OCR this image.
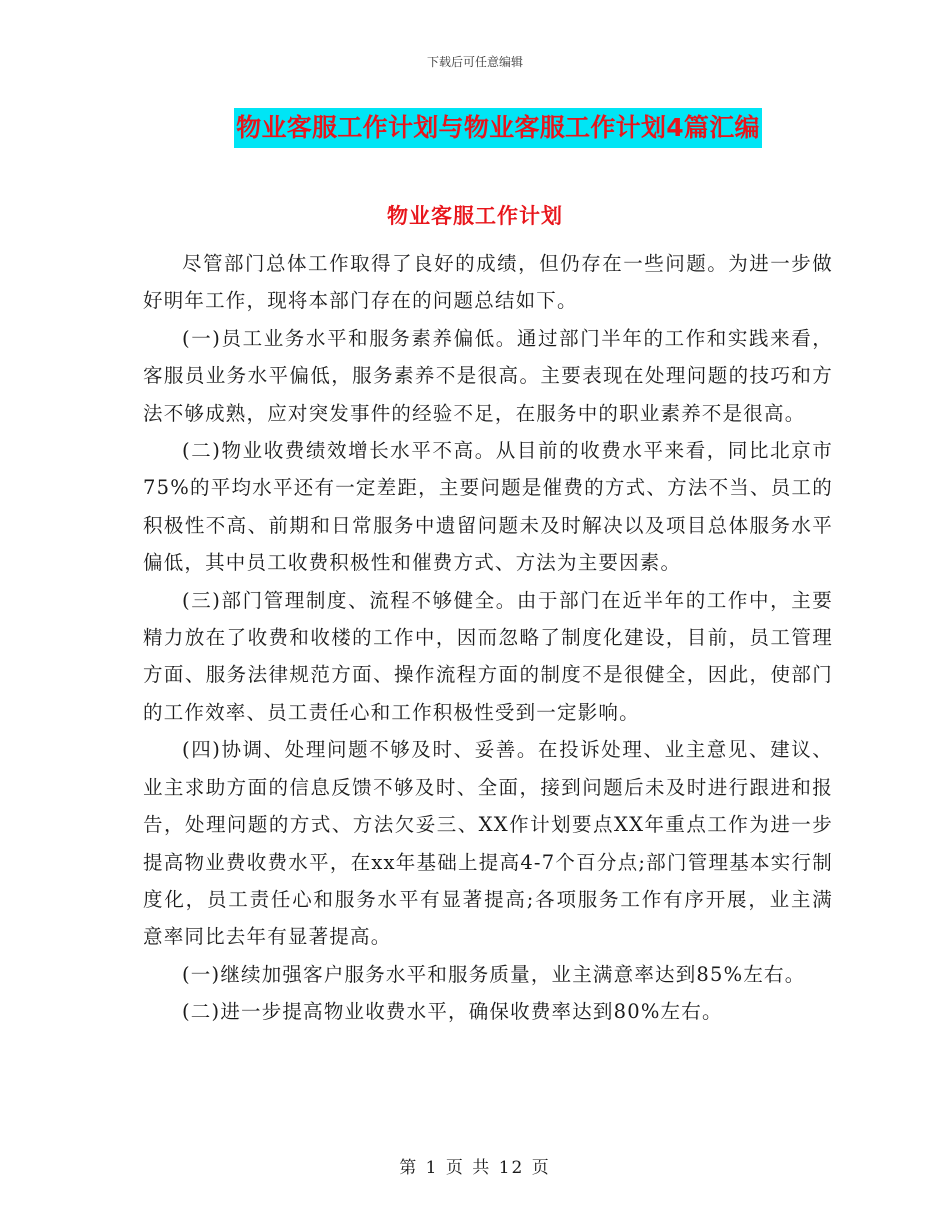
下载后可任意编辑
物业客服工作计划与物业客服工作计划4篇汇编
物业客服工作计划

尽管部门总体工作取得了良好的成绩，但仍存在一些问题。为进一步做好明年工作，现将本部门存在的问题总结如下。

(一)员工业务水平和服务素养偏低。通过部门半年的工作和实践来看，客服员业务水平偏低，服务素养不是很高。主要表现在处理问题的技巧和方法不够成熟，应对突发事件的经验不足，在服务中的职业素养不是很高。

(二)物业收费绩效增长水平不高。从目前的收费水平来看，同比北京市75%的平均水平还有一定差距，主要问题是催费的方式、方法不当、员工的积极性不高、前期和日常服务中遗留问题未及时解决以及项目总体服务水平偏低，其中员工收费积极性和催费方式、方法为主要因素。

(三)部门管理制度、流程不够健全。由于部门在近半年的工作中，主要精力放在了收费和收楼的工作中，因而忽略了制度化建设，目前，员工管理方面、服务法律规范方面、操作流程方面的制度不是很健全，因此，使部门的工作效率、员工责任心和工作积极性受到一定影响。

(四)协调、处理问题不够及时、妥善。在投诉处理、业主意见、建议、业主求助方面的信息反馈不够及时、全面，接到问题后未及时进行跟进和报告，处理问题的方式、方法欠妥三、XX作计划要点XX年重点工作为进一步提高物业费收费水平，在xx年基础上提高4-7个百分点;部门管理基本实行制度化，员工责任心和服务水平有显著提高;各项服务工作有序开展，业主满意率同比去年有显著提高。

(一)继续加强客户服务水平和服务质量，业主满意率达到85%左右。

(二)进一步提高物业收费水平，确保收费率达到80%左右。

第 1 页 共 12 页
